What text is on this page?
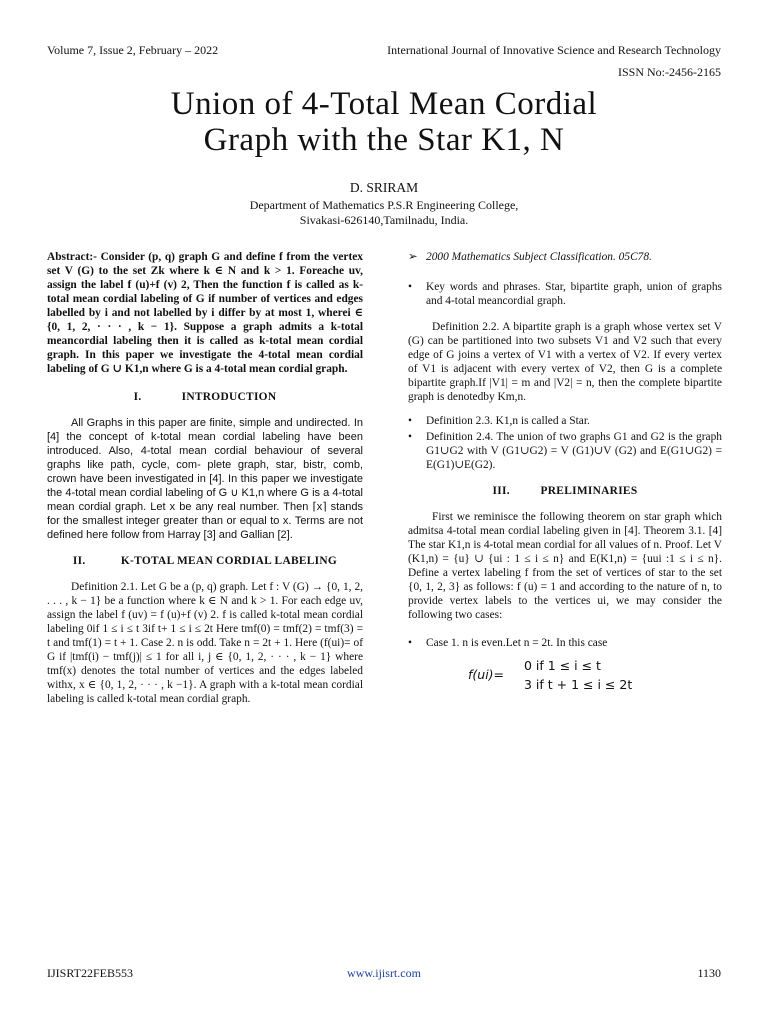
Volume 7, Issue 2, February – 2022	International Journal of Innovative Science and Research Technology
ISSN No:-2456-2165
Union of 4-Total Mean Cordial
Graph with the Star K1, N
D. SRIRAM
Department of Mathematics P.S.R Engineering College,
Sivakasi-626140,Tamilnadu, India.
Abstract:- Consider (p, q) graph G and define f from the vertex set V (G) to the set Zk where k ∈ N and k > 1. Foreache uv, assign the label f (u)+f (v) 2, Then the function f is called as k-total mean cordial labeling of G if number of vertices and edges labelled by i and not labelled by i differ by at most 1, wherei ∈ {0, 1, 2, · · · , k − 1}. Suppose a graph admits a k-total meancordial labeling then it is called as k-total mean cordial graph. In this paper we investigate the 4-total mean cordial labeling of G ∪ K1,n where G is a 4-total mean cordial graph.
I.	INTRODUCTION

All Graphs in this paper are finite, simple and undirected. In [4] the concept of k-total mean cordial labeling have been introduced. Also, 4-total mean cordial behaviour of several graphs like path, cycle, com- plete graph, star, bistr, comb, crown have been investigated in [4]. In this paper we investigate the 4-total mean cordial labeling of G ∪ K1,n where G is a 4-total mean cordial graph. Let x be any real number. Then ⌈x⌉ stands for the smallest integer greater than or equal to x. Terms are not defined here follow from Harray [3] and Gallian [2].

II.	K-TOTAL MEAN CORDIAL LABELING

Definition 2.1. Let G be a (p, q) graph. Let f : V (G) → {0, 1, 2, . . . , k − 1} be a function where k ∈ N and k > 1. For each edge uv, assign the label f (uv) = f (u)+f (v) 2. f is called k-total mean cordial labeling 0if 1 ≤ i ≤ t 3if t+ 1 ≤ i ≤ 2t Here tmf(0) = tmf(2) = tmf(3) = t and tmf(1) = t + 1. Case 2. n is odd. Take n = 2t + 1. Here (f(ui)= of G if |tmf(i) − tmf(j)| ≤ 1 for all i, j ∈ {0, 1, 2, · · · , k − 1} where tmf(x) denotes the total number of vertices and the edges labeled withx, x ∈ {0, 1, 2, · · · , k −1}. A graph with a k-total mean cordial labeling is called k-total mean cordial graph.

➢ 2000 Mathematics Subject Classification. 05C78.
•	Key words and phrases. Star, bipartite graph, union of graphs and 4-total meancordial graph.

Definition 2.2. A bipartite graph is a graph whose vertex set V (G) can be partitioned into two subsets V1 and V2 such that every edge of G joins a vertex of V1 with a vertex of V2. If every vertex of V1 is adjacent with every vertex of V2, then G is a complete bipartite graph.If |V1| = m and |V2| = n, then the complete bipartite graph is denotedby Km,n.

•	Definition 2.3. K1,n is called a Star.
•	Definition 2.4. The union of two graphs G1 and G2 is the graph G1∪G2 with V (G1∪G2) = V (G1)∪V (G2) and E(G1∪G2) = E(G1)∪E(G2).
III.	PRELIMINARIES

First we reminisce the following theorem on star graph which admitsa 4-total mean cordial labeling given in [4]. Theorem 3.1. [4] The star K1,n is 4-total mean cordial for all values of n. Proof. Let V (K1,n) = {u} ∪ {ui : 1 ≤ i ≤ n} and E(K1,n) = {uui :1 ≤ i ≤ n}. Define a vertex labeling f from the set of vertices of star to the set {0, 1, 2, 3} as follows: f (u) = 1 and according to the nature of n, to provide vertex labels to the vertices ui, we may consider the following two cases:

•	Case 1. n is even.Let n = 2t. In this case
f(ui)=
0 if 1 ≤ i ≤ t
3 if t + 1 ≤ i ≤ 2t
IJISRT22FEB553	www.ijisrt.com	1130
